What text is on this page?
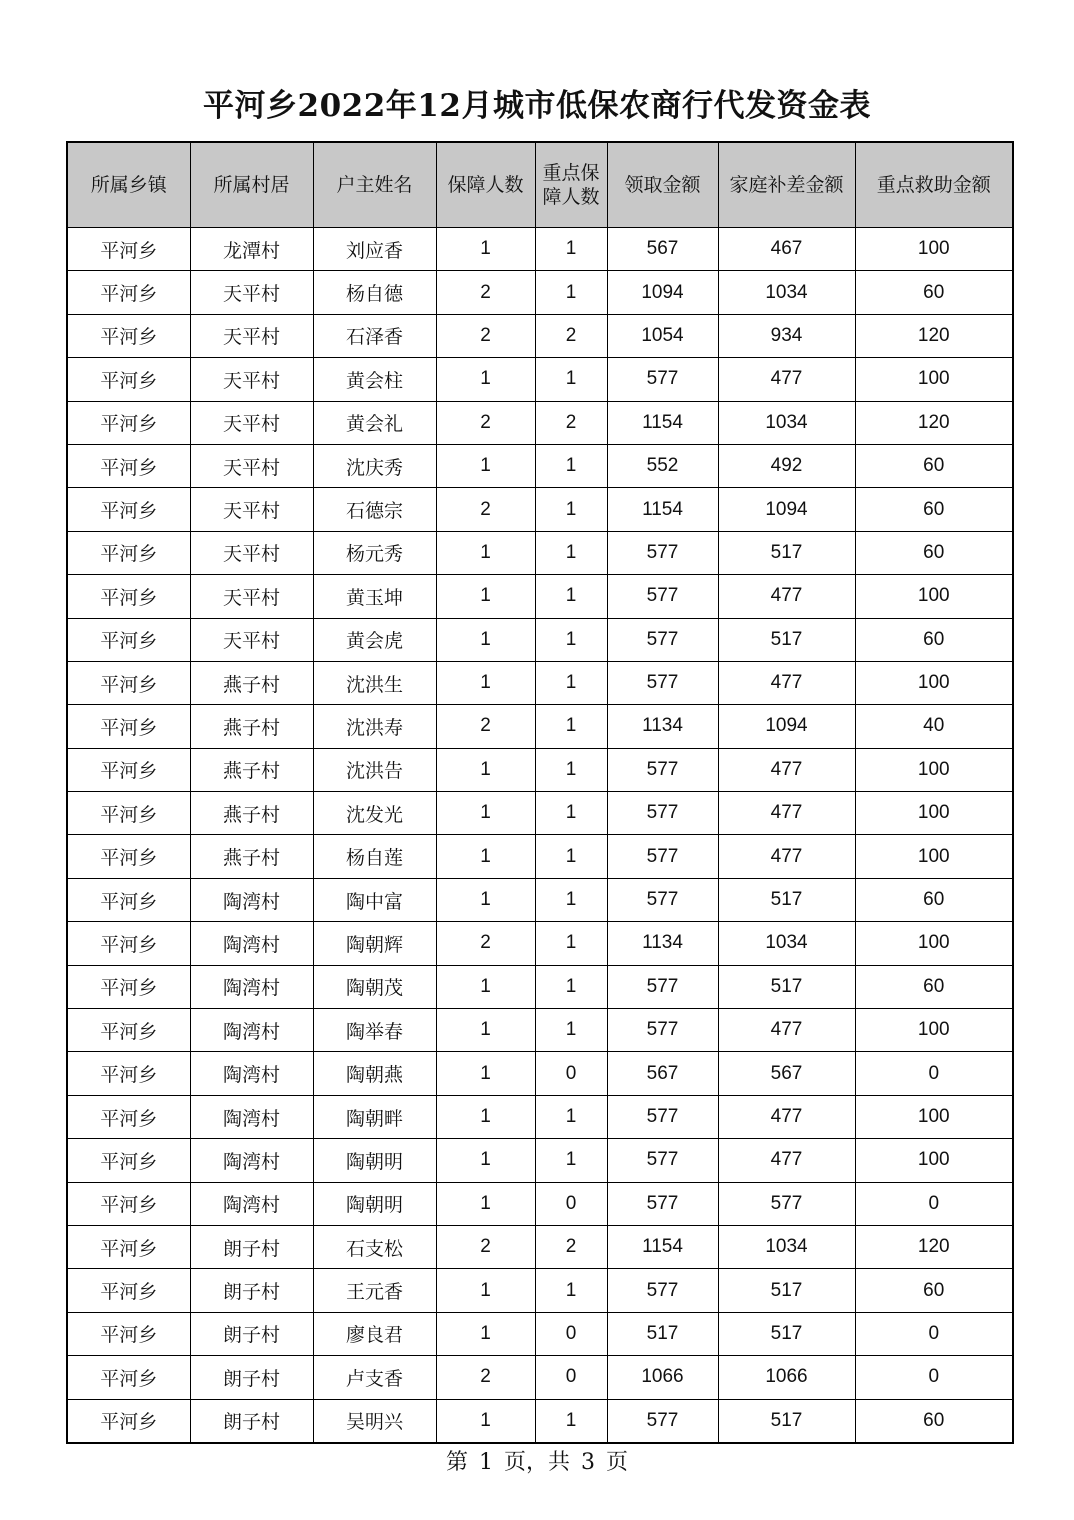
平河乡2022年12月城市低保农商行代发资金表
所属乡镇	所属村居	户主姓名	保障人数	重点保障人数	领取金额	家庭补差金额	重点救助金额
平河乡	龙潭村	刘应香	1	1	567	467	100
平河乡	天平村	杨自德	2	1	1094	1034	60
平河乡	天平村	石泽香	2	2	1054	934	120
平河乡	天平村	黄会柱	1	1	577	477	100
平河乡	天平村	黄会礼	2	2	1154	1034	120
平河乡	天平村	沈庆秀	1	1	552	492	60
平河乡	天平村	石德宗	2	1	1154	1094	60
平河乡	天平村	杨元秀	1	1	577	517	60
平河乡	天平村	黄玉坤	1	1	577	477	100
平河乡	天平村	黄会虎	1	1	577	517	60
平河乡	燕子村	沈洪生	1	1	577	477	100
平河乡	燕子村	沈洪寿	2	1	1134	1094	40
平河乡	燕子村	沈洪告	1	1	577	477	100
平河乡	燕子村	沈发光	1	1	577	477	100
平河乡	燕子村	杨自莲	1	1	577	477	100
平河乡	陶湾村	陶中富	1	1	577	517	60
平河乡	陶湾村	陶朝辉	2	1	1134	1034	100
平河乡	陶湾村	陶朝茂	1	1	577	517	60
平河乡	陶湾村	陶举春	1	1	577	477	100
平河乡	陶湾村	陶朝燕	1	0	567	567	0
平河乡	陶湾村	陶朝畔	1	1	577	477	100
平河乡	陶湾村	陶朝明	1	1	577	477	100
平河乡	陶湾村	陶朝明	1	0	577	577	0
平河乡	朗子村	石支松	2	2	1154	1034	120
平河乡	朗子村	王元香	1	1	577	517	60
平河乡	朗子村	廖良君	1	0	517	517	0
平河乡	朗子村	卢支香	2	0	1066	1066	0
平河乡	朗子村	吴明兴	1	1	577	517	60
第 1 页，共 3 页
